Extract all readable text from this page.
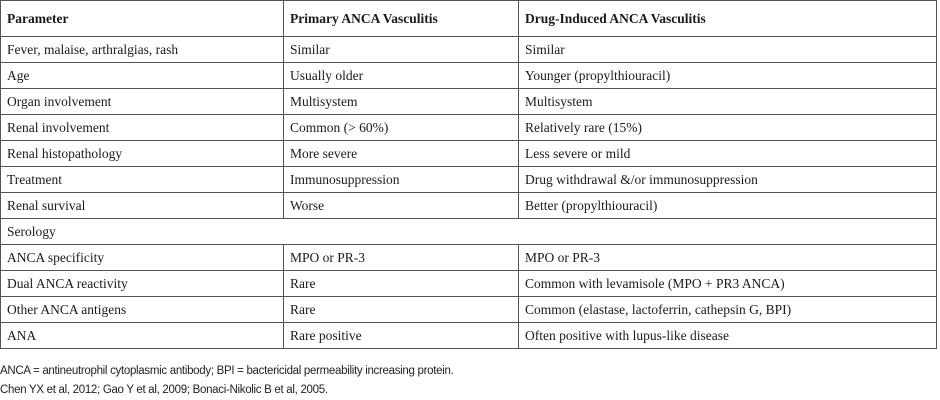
Parameter	Primary ANCA Vasculitis	Drug-Induced ANCA Vasculitis
Fever, malaise, arthralgias, rash	Similar	Similar
Age	Usually older	Younger (propylthiouracil)
Organ involvement	Multisystem	Multisystem
Renal involvement	Common (> 60%)	Relatively rare (15%)
Renal histopathology	More severe	Less severe or mild
Treatment	Immunosuppression	Drug withdrawal &/or immunosuppression
Renal survival	Worse	Better (propylthiouracil)
Serology		
ANCA specificity	MPO or PR-3	MPO or PR-3
Dual ANCA reactivity	Rare	Common with levamisole (MPO + PR3 ANCA)
Other ANCA antigens	Rare	Common (elastase, lactoferrin, cathepsin G, BPI)
ANA	Rare positive	Often positive with lupus-like disease
ANCA = antineutrophil cytoplasmic antibody; BPI = bactericidal permeability increasing protein.
Chen YX et al, 2012; Gao Y et al, 2009; Bonaci-Nikolic B et al, 2005.
